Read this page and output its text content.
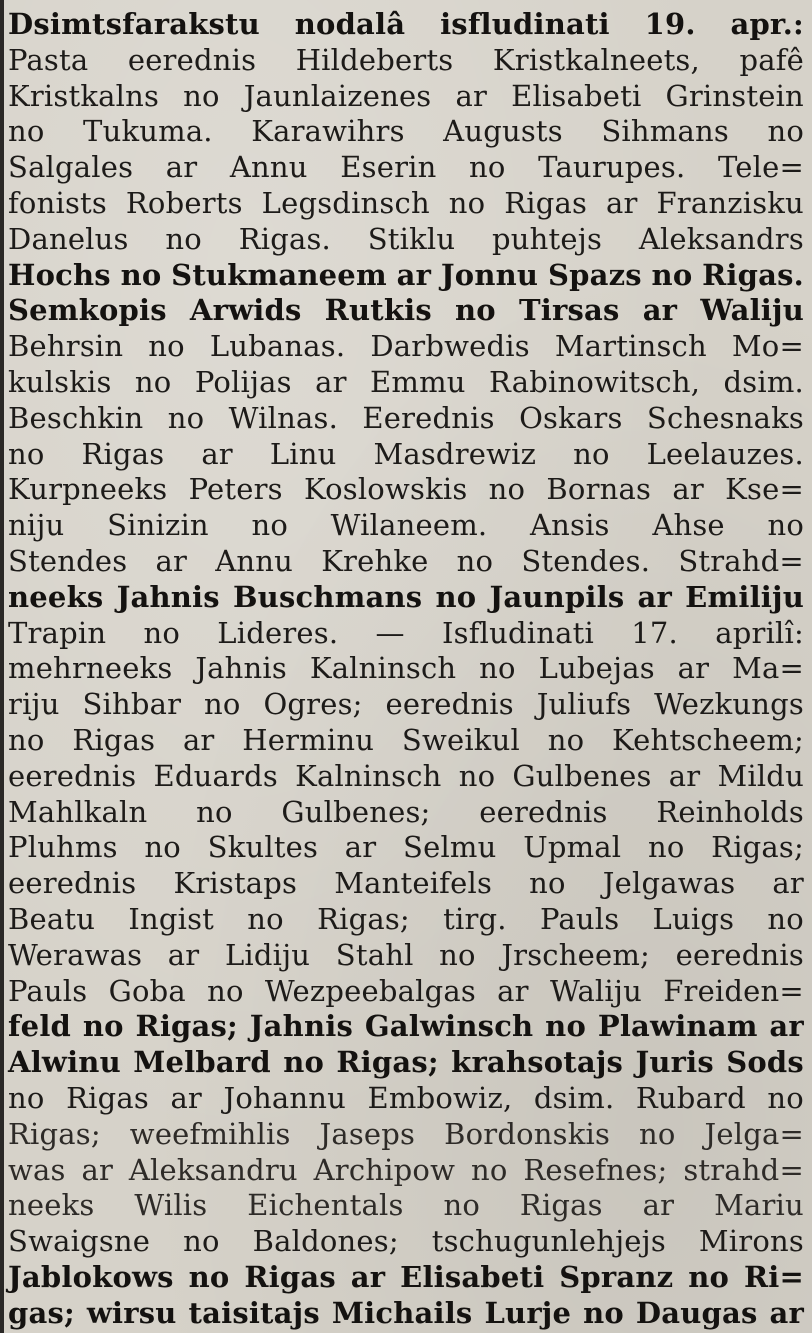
Dsimtsfarakstu nodalâ isfludinati 19. apr.:
Pasta eerednis Hildeberts Kristkalneets, pafê
Kristkalns no Jaunlaizenes ar Elisabeti Grinstein
no Tukuma. Karawihrs Augusts Sihmans no
Salgales ar Annu Eserin no Taurupes. Tele=
fonists Roberts Legsdinsch no Rigas ar Franzisku
Danelus no Rigas. Stiklu puhtejs Aleksandrs
Hochs no Stukmaneem ar Jonnu Spazs no Rigas.
Semkopis Arwids Rutkis no Tirsas ar Waliju
Behrsin no Lubanas. Darbwedis Martinsch Mo=
kulskis no Polijas ar Emmu Rabinowitsch, dsim.
Beschkin no Wilnas. Eerednis Oskars Schesnaks
no Rigas ar Linu Masdrewiz no Leelauzes.
Kurpneeks Peters Koslowskis no Bornas ar Kse=
niju Sinizin no Wilaneem. Ansis Ahse no
Stendes ar Annu Krehke no Stendes. Strahd=
neeks Jahnis Buschmans no Jaunpils ar Emiliju
Trapin no Lideres. — Isfludinati 17. aprilî:
mehrneeks Jahnis Kalninsch no Lubejas ar Ma=
riju Sihbar no Ogres; eerednis Juliufs Wezkungs
no Rigas ar Herminu Sweikul no Kehtscheem;
eerednis Eduards Kalninsch no Gulbenes ar Mildu
Mahlkaln no Gulbenes; eerednis Reinholds
Pluhms no Skultes ar Selmu Upmal no Rigas;
eerednis Kristaps Manteifels no Jelgawas ar
Beatu Ingist no Rigas; tirg. Pauls Luigs no
Werawas ar Lidiju Stahl no Jrscheem; eerednis
Pauls Goba no Wezpeebalgas ar Waliju Freiden=
feld no Rigas; Jahnis Galwinsch no Plawinam ar
Alwinu Melbard no Rigas; krahsotajs Juris Sods
no Rigas ar Johannu Embowiz, dsim. Rubard no
Rigas; weefmihlis Jaseps Bordonskis no Jelga=
was ar Aleksandru Archipow no Resefnes; strahd=
neeks Wilis Eichentals no Rigas ar Mariu
Swaigsne no Baldones; tschugunlehjejs Mirons
Jablokows no Rigas ar Elisabeti Spranz no Ri=
gas; wirsu taisitajs Michails Lurje no Daugas ar
